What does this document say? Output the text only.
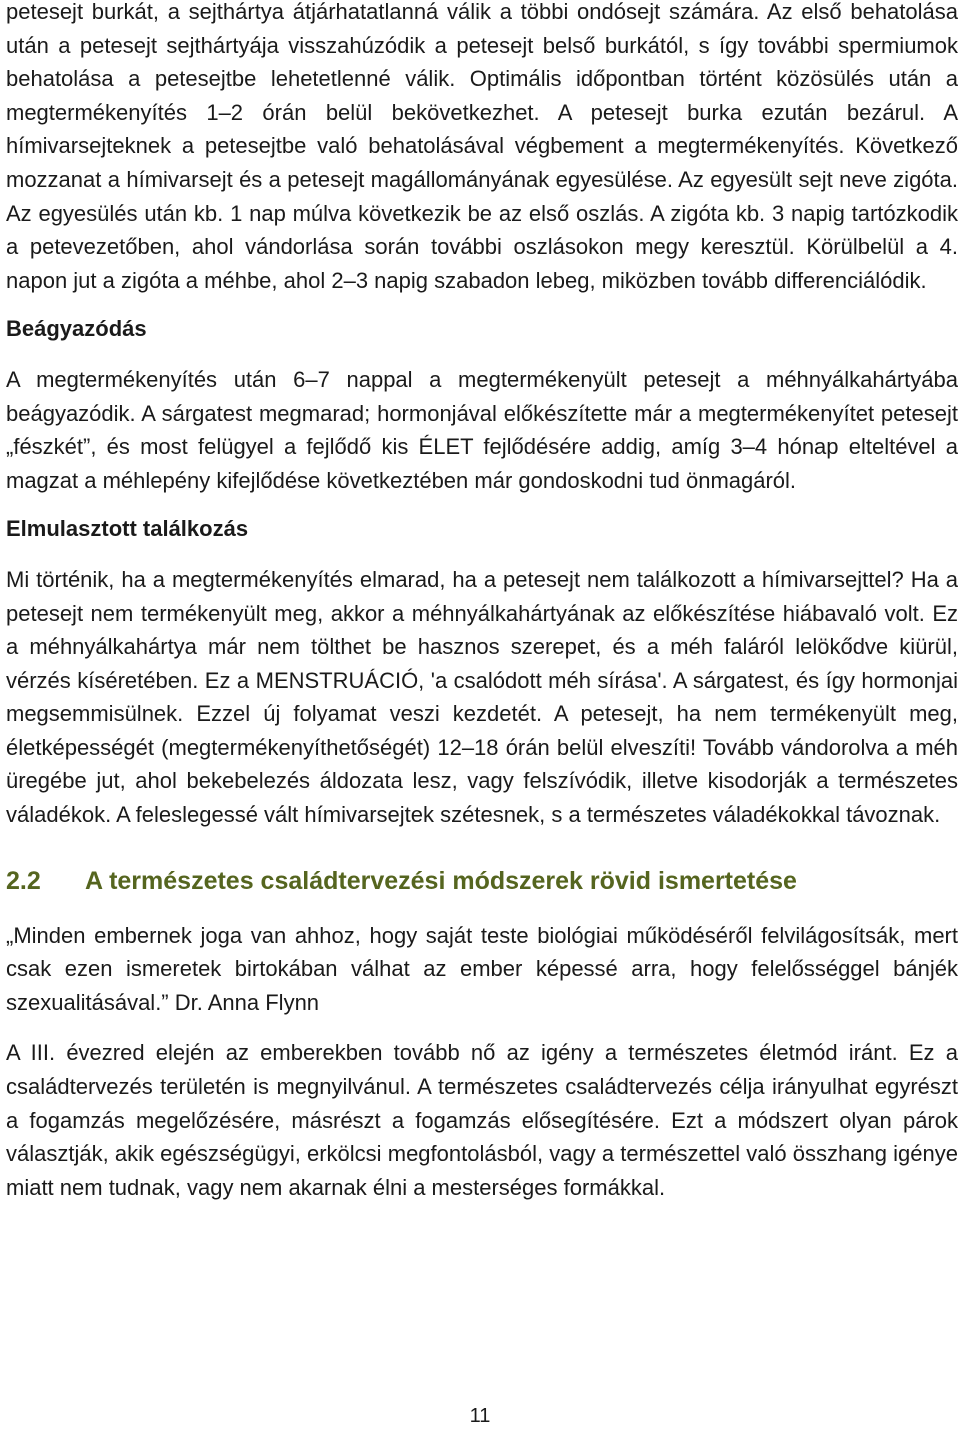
petesejt burkát, a sejthártya átjárhatatlanná válik a többi ondósejt számára. Az első behatolása után a petesejt sejthártyája visszahúzódik a petesejt belső burkától, s így további spermiumok behatolása a petesejtbe lehetetlenné válik. Optimális időpontban történt közösülés után a megtermékenyítés 1–2 órán belül bekövetkezhet. A petesejt burka ezután bezárul. A hímivarsejteknek a petesejtbe való behatolásával végbement a megtermékenyítés. Következő mozzanat a hímivarsejt és a petesejt magállományának egyesülése. Az egyesült sejt neve zigóta. Az egyesülés után kb. 1 nap múlva következik be az első oszlás. A zigóta kb. 3 napig tartózkodik a petevezetőben, ahol vándorlása során további oszlásokon megy keresztül. Körülbelül a 4. napon jut a zigóta a méhbe, ahol 2–3 napig szabadon lebeg, miközben tovább differenciálódik.

Beágyazódás

A megtermékenyítés után 6–7 nappal a megtermékenyült petesejt a méhnyálkahártyába beágyazódik. A sárgatest megmarad; hormonjával előkészítette már a megtermékenyítet petesejt „fészkét”, és most felügyel a fejlődő kis ÉLET fejlődésére addig, amíg 3–4 hónap elteltével a magzat a méhlepény kifejlődése következtében már gondoskodni tud önmagáról.

Elmulasztott találkozás

Mi történik, ha a megtermékenyítés elmarad, ha a petesejt nem találkozott a hímivarsejttel? Ha a petesejt nem termékenyült meg, akkor a méhnyálkahártyának az előkészítése hiábavaló volt. Ez a méhnyálkahártya már nem tölthet be hasznos szerepet, és a méh faláról lelökődve kiürül, vérzés kíséretében. Ez a MENSTRUÁCIÓ, 'a csalódott méh sírása'. A sárgatest, és így hormonjai megsemmisülnek. Ezzel új folyamat veszi kezdetét. A petesejt, ha nem termékenyült meg, életképességét (megtermékenyíthetőségét) 12–18 órán belül elveszíti! Tovább vándorolva a méh üregébe jut, ahol bekebelezés áldozata lesz, vagy felszívódik, illetve kisodorják a természetes váladékok. A feleslegessé vált hímivarsejtek szétesnek, s a természetes váladékokkal távoznak.

2.2	A természetes családtervezési módszerek rövid ismertetése

„Minden embernek joga van ahhoz, hogy saját teste biológiai működéséről felvilágosítsák, mert csak ezen ismeretek birtokában válhat az ember képessé arra, hogy felelősséggel bánjék szexualitásával.” Dr. Anna Flynn

A III. évezred elején az emberekben tovább nő az igény a természetes életmód iránt. Ez a családtervezés területén is megnyilvánul. A természetes családtervezés célja irányulhat egyrészt a fogamzás megelőzésére, másrészt a fogamzás elősegítésére. Ezt a módszert olyan párok választják, akik egészségügyi, erkölcsi megfontolásból, vagy a természettel való összhang igénye miatt nem tudnak, vagy nem akarnak élni a mesterséges formákkal.

11
